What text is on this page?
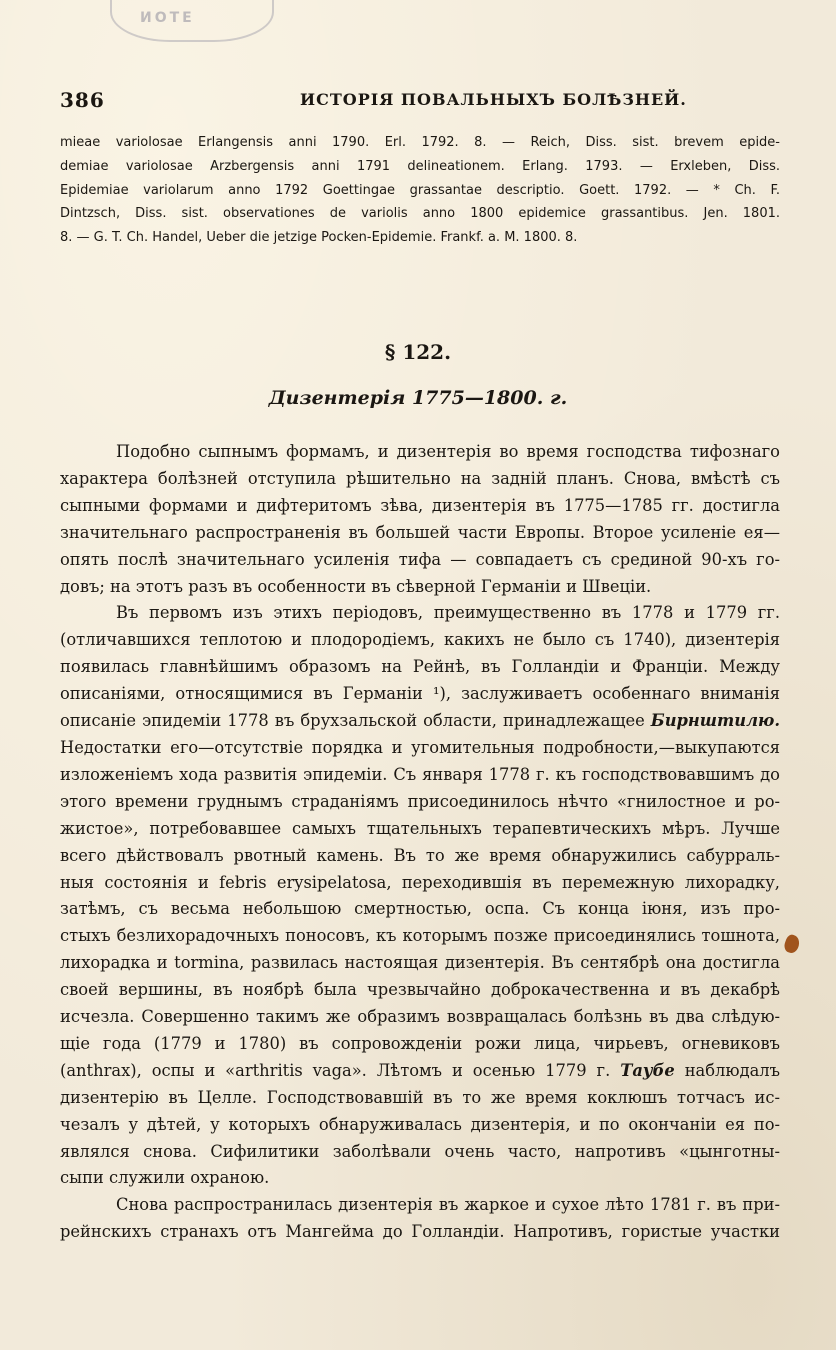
ИОТЕ
386	ИСТОРІЯ ПОВАЛЬНЫХЪ БОЛѢЗНЕЙ.
mieae variolosae Erlangensis anni 1790. Erl. 1792. 8. — Reich, Diss. sist. brevem epide-
demiae variolosae Arzbergensis anni 1791 delineationem. Erlang. 1793. — Erxleben, Diss.
Epidemiae variolarum anno 1792 Goettingae grassantae descriptio. Goett. 1792. — * Ch. F.
Dintzsch, Diss. sist. observationes de variolis anno 1800 epidemice grassantibus. Jen. 1801.
8. — G. T. Ch. Handel, Ueber die jetzige Pocken-Epidemie. Frankf. a. M. 1800. 8.
§ 122.
Дизентерія 1775—1800. г.
Подобно сыпнымъ формамъ, и дизентерія во время господства тифознаго
характера болѣзней отступила рѣшительно на задній планъ. Снова, вмѣстѣ съ
сыпными формами и дифтеритомъ зѣва, дизентерія въ 1775—1785 гг. достигла
значительнаго распространенія въ большей части Европы. Второе усиленіе ея—
опять послѣ значительнаго усиленія тифа — совпадаетъ съ срединой 90-хъ го-
довъ; на этотъ разъ въ особенности въ сѣверной Германіи и Швеціи.
Въ первомъ изъ этихъ періодовъ, преимущественно въ 1778 и 1779 гг.
(отличавшихся теплотою и плодородіемъ, какихъ не было съ 1740), дизентерія
появилась главнѣйшимъ образомъ на Рейнѣ, въ Голландіи и Франціи. Между
описаніями, относящимися въ Германіи ¹), заслуживаетъ особеннаго вниманія
описаніе эпидеміи 1778 въ брухзальской области, принадлежащее Бирнштилю.
Недостатки его—отсутствіе порядка и угомительныя подробности,—выкупаются
изложеніемъ хода развитія эпидеміи. Съ января 1778 г. къ господствовавшимъ до
этого времени груднымъ страданіямъ присоединилось нѣчто «гнилостное и ро-
жистое», потребовавшее самыхъ тщательныхъ терапевтическихъ мѣръ. Лучше
всего дѣйствовалъ рвотный камень. Въ то же время обнаружились сабурраль-
ныя состоянія и febris erysipelatosa, переходившія въ перемежную лихорадку,
затѣмъ, съ весьма небольшою смертностью, оспа. Съ конца іюня, изъ про-
стыхъ безлихорадочныхъ поносовъ, къ которымъ позже присоединялись тошнота,
лихорадка и tormina, развилась настоящая дизентерія. Въ сентябрѣ она достигла
своей вершины, въ ноябрѣ была чрезвычайно доброкачественна и въ декабрѣ
исчезла. Совершенно такимъ же образимъ возвращалась болѣзнь въ два слѣдую-
щіе года (1779 и 1780) въ сопровожденіи рожи лица, чирьевъ, огневиковъ
(anthrax), оспы и «arthritis vaga». Лѣтомъ и осенью 1779 г. Таубе наблюдалъ
дизентерію въ Целле. Господствовавшій въ то же время коклюшъ тотчасъ ис-
чезалъ у дѣтей, у которыхъ обнаруживалась дизентерія, и по окончаніи ея по-
являлся снова. Сифилитики заболѣвали очень часто, напротивъ «цынготны-
сыпи служили охраною.
Снова распространилась дизентерія въ жаркое и сухое лѣто 1781 г. въ при-
рейнскихъ странахъ отъ Мангейма до Голландіи. Напротивъ, гористые участки
